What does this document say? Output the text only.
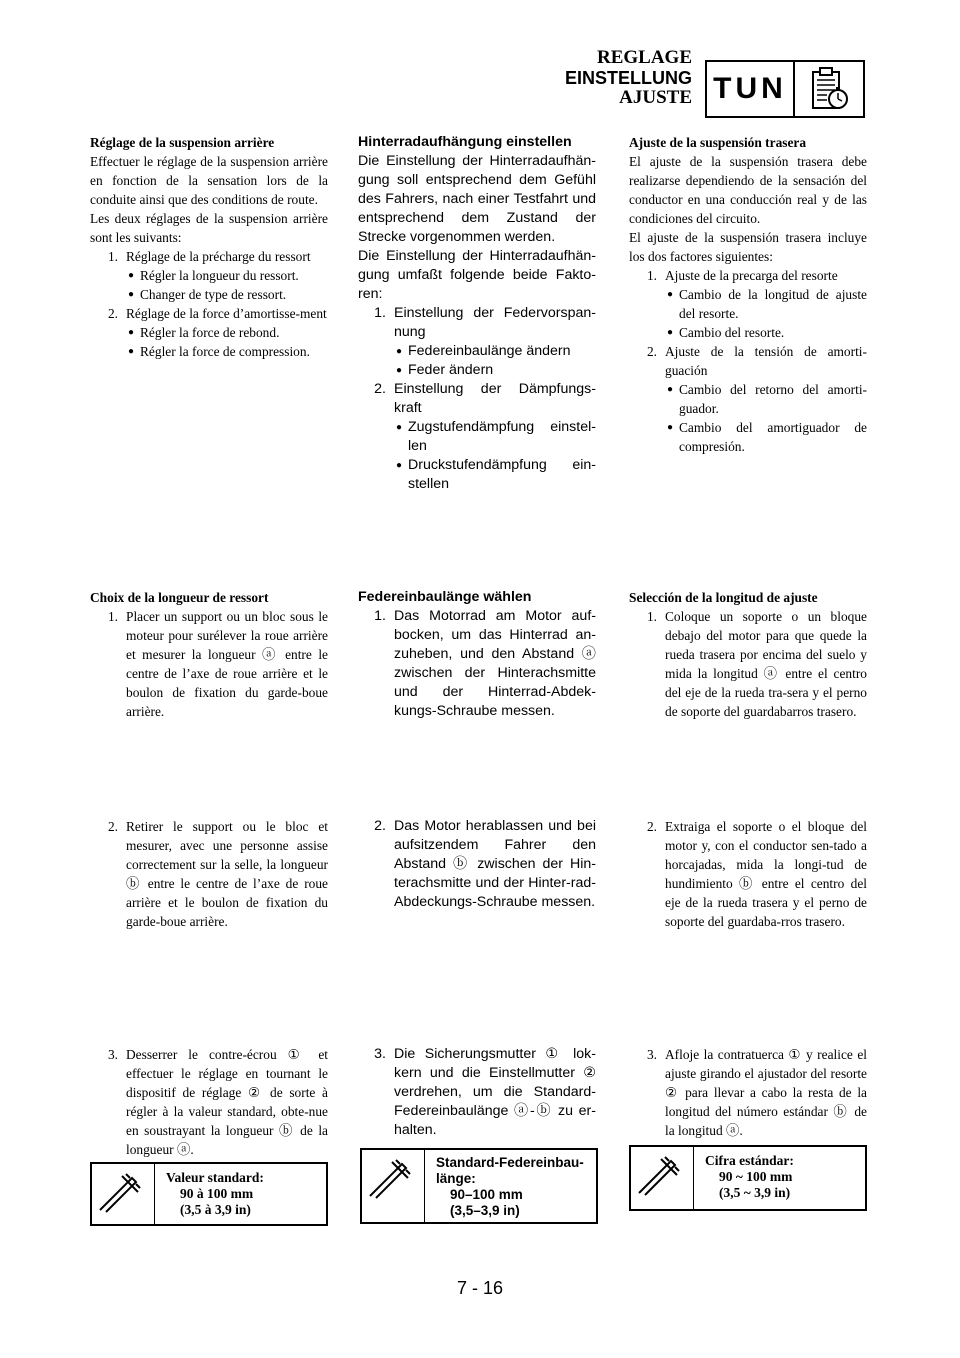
REGLAGE
EINSTELLUNG
AJUSTE TUN

Réglage de la suspension arrière

Effectuer le réglage de la suspension arrière en fonction de la sensation lors de la conduite ainsi que des conditions de route.

Les deux réglages de la suspension arrière sont les suivants:

1. Réglage de la précharge du ressort
● Régler la longueur du ressort.
● Changer de type de ressort.
2. Réglage de la force d’amortisse-ment
● Régler la force de rebond.
● Régler la force de compression.

Choix de la longueur de ressort

1. Placer un support ou un bloc sous le moteur pour surélever la roue arrière et mesurer la longueur ⓐ entre le centre de l’axe de roue arrière et le boulon de fixation du garde-boue arrière.
2. Retirer le support ou le bloc et mesurer, avec une personne assise correctement sur la selle, la longueur ⓑ entre le centre de l’axe de roue arrière et le boulon de fixation du garde-boue arrière.
3. Desserrer le contre-écrou ① et effectuer le réglage en tournant le dispositif de réglage ② de sorte à régler à la valeur standard, obte-nue en soustrayant la longueur ⓑ de la longueur ⓐ.
Valeur standard:
90 à 100 mm
(3,5 à 3,9 in)

Hinterradaufhängung einstellen

Die Einstellung der Hinterradaufhän-gung soll entsprechend dem Gefühl des Fahrers, nach einer Testfahrt und entsprechend dem Zustand der Strecke vorgenommen werden.

Die Einstellung der Hinterradaufhän-gung umfaßt folgende beide Fakto-ren:

1. Einstellung der Federvorspan-nung
● Federeinbaulänge ändern
● Feder ändern
2. Einstellung der Dämpfungs-kraft
● Zugstufendämpfung einstel-len
● Druckstufendämpfung ein-stellen

Federeinbaulänge wählen

1. Das Motorrad am Motor auf-bocken, um das Hinterrad an-zuheben, und den Abstand ⓐ zwischen der Hinterachsmitte und der Hinterrad-Abdek-kungs-Schraube messen.
2. Das Motor herablassen und bei aufsitzendem Fahrer den Abstand ⓑ zwischen der Hin-terachsmitte und der Hinter-rad-Abdeckungs-Schraube messen.
3. Die Sicherungsmutter ① lok-kern und die Einstellmutter ② verdrehen, um die Standard-Federeinbaulänge ⓐ-ⓑ zu er-halten.
Standard-Federeinbau-länge:
90–100 mm
(3,5–3,9 in)

Ajuste de la suspensión trasera

El ajuste de la suspensión trasera debe realizarse dependiendo de la sensación del conductor en una conducción real y de las condiciones del circuito.

El ajuste de la suspensión trasera incluye los dos factores siguientes:

1. Ajuste de la precarga del resorte
● Cambio de la longitud de ajuste del resorte.
● Cambio del resorte.
2. Ajuste de la tensión de amorti-guación
● Cambio del retorno del amorti-guador.
● Cambio del amortiguador de compresión.

Selección de la longitud de ajuste

1. Coloque un soporte o un bloque debajo del motor para que quede la rueda trasera por encima del suelo y mida la longitud ⓐ entre el centro del eje de la rueda tra-sera y el perno de soporte del guardabarros trasero.
2. Extraiga el soporte o el bloque del motor y, con el conductor sen-tado a horcajadas, mida la longi-tud de hundimiento ⓑ entre el centro del eje de la rueda trasera y el perno de soporte del guardaba-rros trasero.
3. Afloje la contratuerca ① y realice el ajuste girando el ajustador del resorte ② para llevar a cabo la resta de la longitud del número estándar ⓑ de la longitud ⓐ.
Cifra estándar:
90 ~ 100 mm
(3,5 ~ 3,9 in)
7 - 16
